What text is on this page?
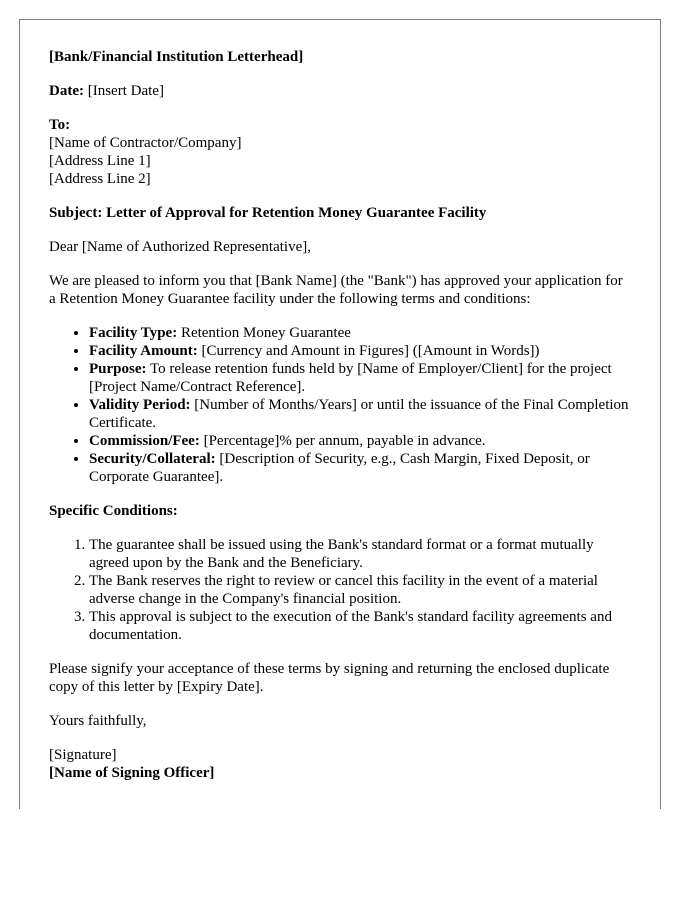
[Bank/Financial Institution Letterhead]

Date: [Insert Date]

To:
[Name of Contractor/Company]
[Address Line 1]
[Address Line 2]

Subject: Letter of Approval for Retention Money Guarantee Facility

Dear [Name of Authorized Representative],

We are pleased to inform you that [Bank Name] (the "Bank") has approved your application for a Retention Money Guarantee facility under the following terms and conditions:

• Facility Type: Retention Money Guarantee
• Facility Amount: [Currency and Amount in Figures] ([Amount in Words])
• Purpose: To release retention funds held by [Name of Employer/Client] for the project [Project Name/Contract Reference].
• Validity Period: [Number of Months/Years] or until the issuance of the Final Completion Certificate.
• Commission/Fee: [Percentage]% per annum, payable in advance.
• Security/Collateral: [Description of Security, e.g., Cash Margin, Fixed Deposit, or Corporate Guarantee].

Specific Conditions:

1. The guarantee shall be issued using the Bank's standard format or a format mutually agreed upon by the Bank and the Beneficiary.
2. The Bank reserves the right to review or cancel this facility in the event of a material adverse change in the Company's financial position.
3. This approval is subject to the execution of the Bank's standard facility agreements and documentation.

Please signify your acceptance of these terms by signing and returning the enclosed duplicate copy of this letter by [Expiry Date].

Yours faithfully,

[Signature]
[Name of Signing Officer]
